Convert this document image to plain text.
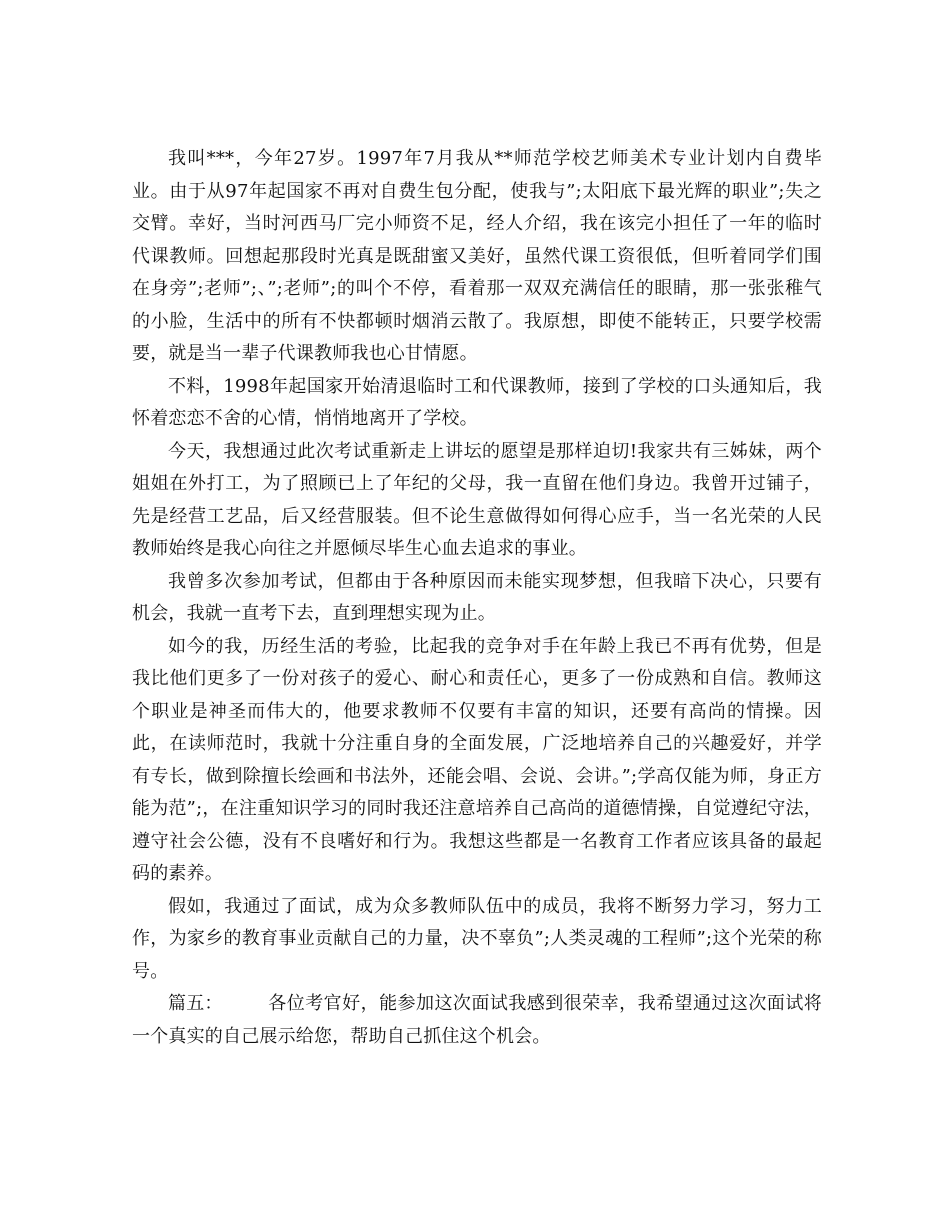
我叫***，今年27岁。1997年7月我从**师范学校艺师美术专业计划内自费毕业。由于从97年起国家不再对自费生包分配，使我与”;太阳底下最光辉的职业”;失之交臂。幸好，当时河西马厂完小师资不足，经人介绍，我在该完小担任了一年的临时代课教师。回想起那段时光真是既甜蜜又美好，虽然代课工资很低，但听着同学们围在身旁”;老师”;、”;老师”;的叫个不停，看着那一双双充满信任的眼睛，那一张张稚气的小脸，生活中的所有不快都顿时烟消云散了。我原想，即使不能转正，只要学校需要，就是当一辈子代课教师我也心甘情愿。

不料，1998年起国家开始清退临时工和代课教师，接到了学校的口头通知后，我怀着恋恋不舍的心情，悄悄地离开了学校。

今天，我想通过此次考试重新走上讲坛的愿望是那样迫切!我家共有三姊妹，两个姐姐在外打工，为了照顾已上了年纪的父母，我一直留在他们身边。我曾开过铺子，先是经营工艺品，后又经营服装。但不论生意做得如何得心应手，当一名光荣的人民教师始终是我心向往之并愿倾尽毕生心血去追求的事业。

我曾多次参加考试，但都由于各种原因而未能实现梦想，但我暗下决心，只要有机会，我就一直考下去，直到理想实现为止。

如今的我，历经生活的考验，比起我的竞争对手在年龄上我已不再有优势，但是我比他们更多了一份对孩子的爱心、耐心和责任心，更多了一份成熟和自信。教师这个职业是神圣而伟大的，他要求教师不仅要有丰富的知识，还要有高尚的情操。因此，在读师范时，我就十分注重自身的全面发展，广泛地培养自己的兴趣爱好，并学有专长，做到除擅长绘画和书法外，还能会唱、会说、会讲。”;学高仅能为师，身正方能为范”;，在注重知识学习的同时我还注意培养自己高尚的道德情操，自觉遵纪守法，遵守社会公德，没有不良嗜好和行为。我想这些都是一名教育工作者应该具备的最起码的素养。

假如，我通过了面试，成为众多教师队伍中的成员，我将不断努力学习，努力工作，为家乡的教育事业贡献自己的力量，决不辜负”;人类灵魂的工程师”;这个光荣的称号。

篇五：	各位考官好，能参加这次面试我感到很荣幸，我希望通过这次面试将一个真实的自己展示给您，帮助自己抓住这个机会。
